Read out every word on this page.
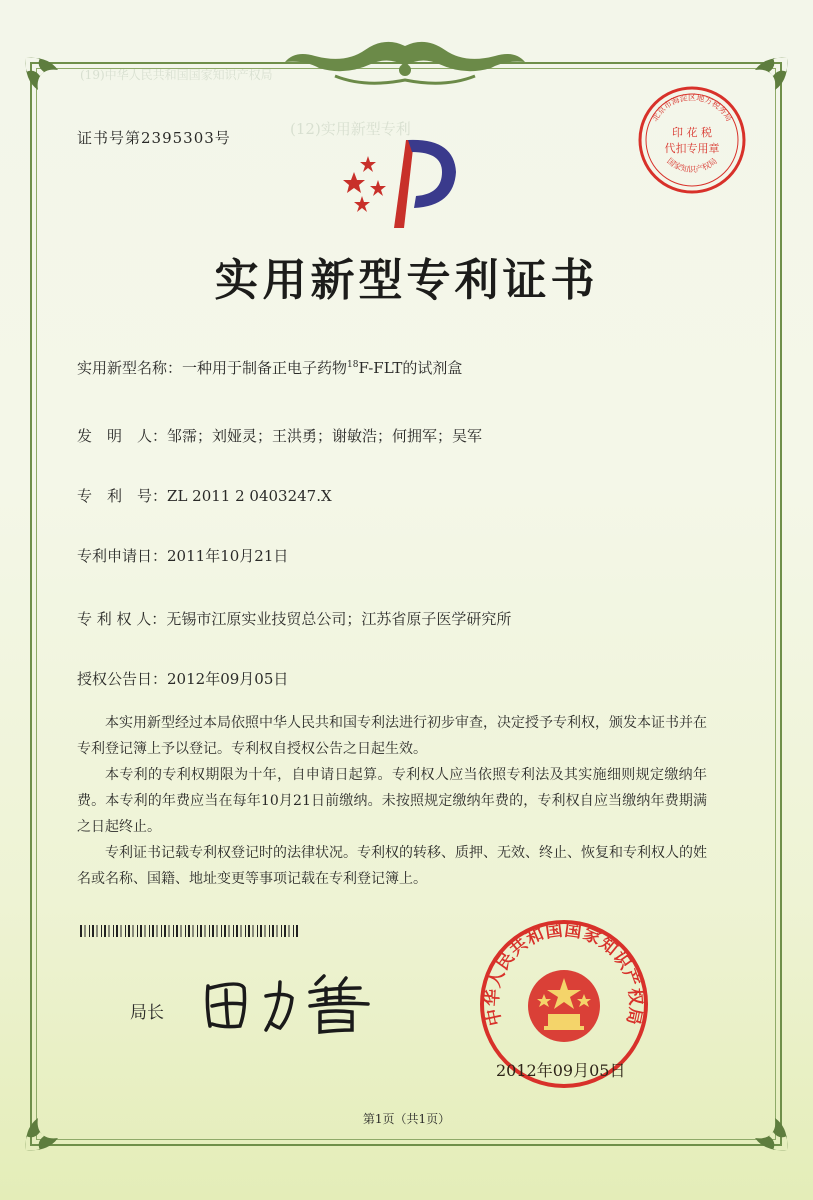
(19)中华人民共和国国家知识产权局
(12)实用新型专利
证书号第2395303号	印 花 税
代扣专用章
北京市海淀区地方税务局
国家知识产权局
实用新型专利证书
实用新型名称：一种用于制备正电子药物$^{18}$F-FLT的试剂盒
发　明　人：邹霈；刘娅灵；王洪勇；谢敏浩；何拥军；吴军
专　利　号：ZL 2011 2 0403247.X
专利申请日：2011年10月21日
专 利 权 人：无锡市江原实业技贸总公司；江苏省原子医学研究所
授权公告日：2012年09月05日

本实用新型经过本局依照中华人民共和国专利法进行初步审查，决定授予专利权，颁发本证书并在专利登记簿上予以登记。专利权自授权公告之日起生效。

本专利的专利权期限为十年，自申请日起算。专利权人应当依照专利法及其实施细则规定缴纳年费。本专利的年费应当在每年10月21日前缴纳。未按照规定缴纳年费的，专利权自应当缴纳年费期满之日起终止。

专利证书记载专利权登记时的法律状况。专利权的转移、质押、无效、终止、恢复和专利权人的姓名或名称、国籍、地址变更等事项记载在专利登记簿上。

局长	中华人民共和国国家知识产权局
2012年09月05日
第1页（共1页）
